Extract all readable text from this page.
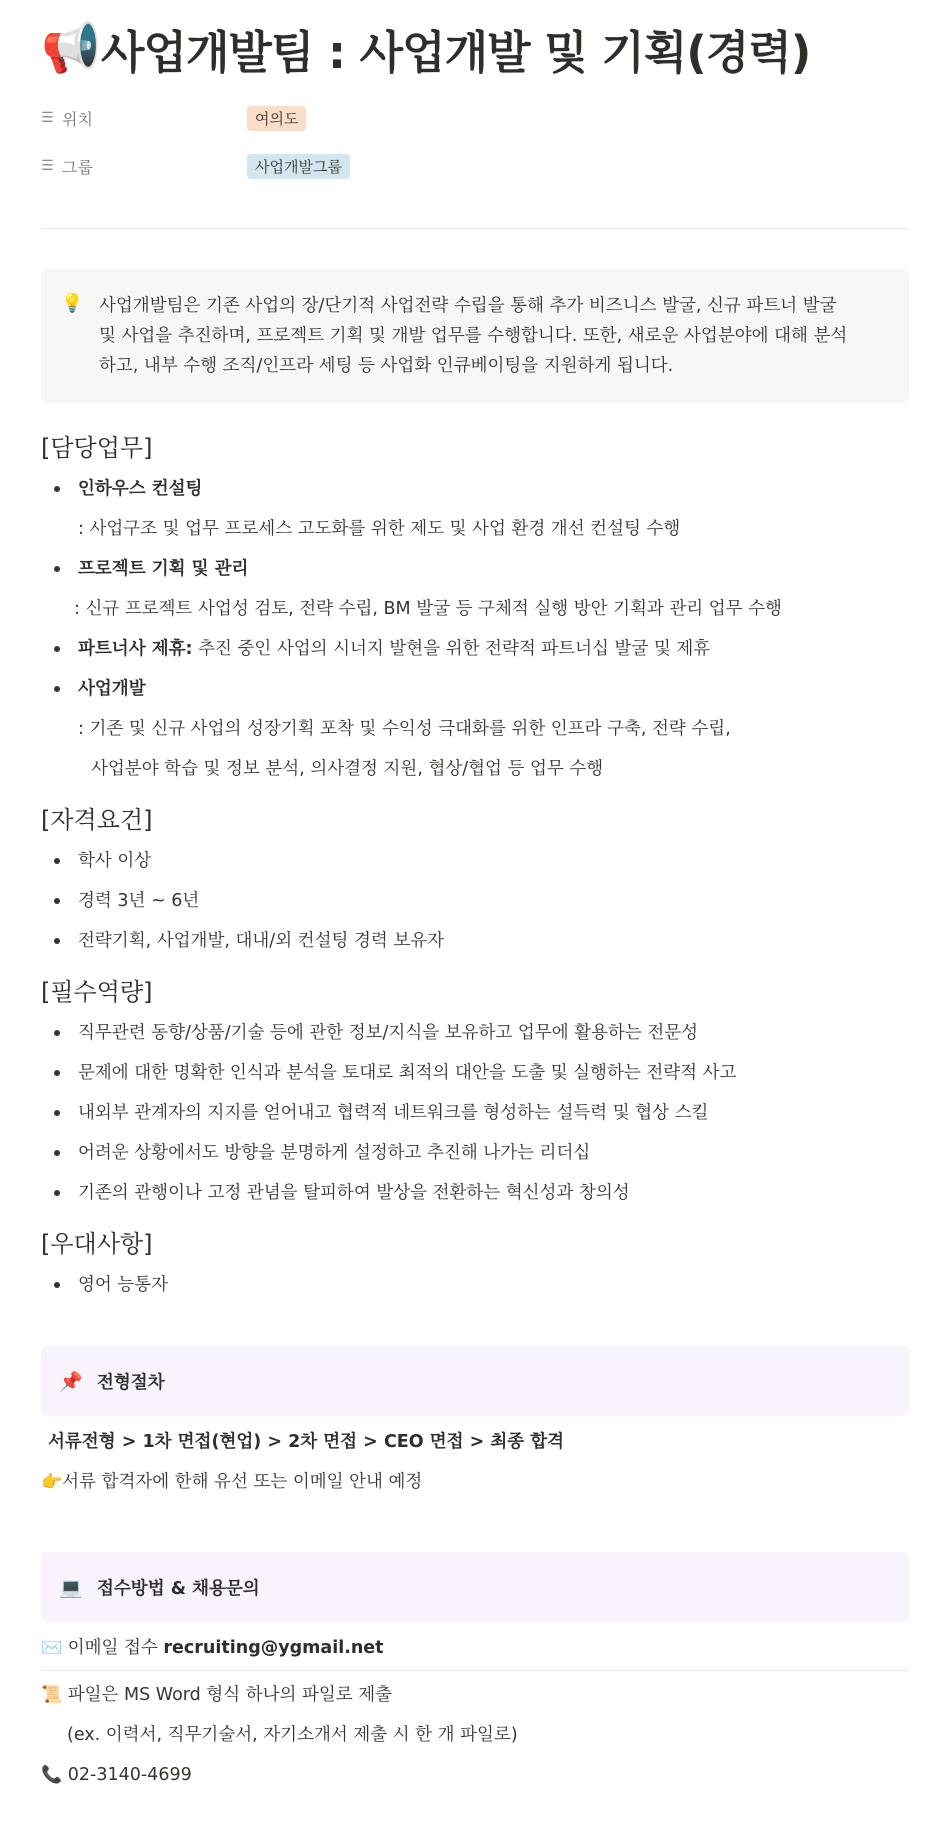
📢 사업개발팀 : 사업개발 및 기획(경력)
☰ 위치	여의도
☰ 그룹	사업개발그룹
💡 사업개발팀은 기존 사업의 장/단기적 사업전략 수립을 통해 추가 비즈니스 발굴, 신규 파트너 발굴
및 사업을 추진하며, 프로젝트 기획 및 개발 업무를 수행합니다. 또한, 새로운 사업분야에 대해 분석
하고, 내부 수행 조직/인프라 세팅 등 사업화 인큐베이팅을 지원하게 됩니다.
[담당업무]
인하우스 컨설팅
: 사업구조 및 업무 프로세스 고도화를 위한 제도 및 사업 환경 개선 컨설팅 수행
프로젝트 기획 및 관리
: 신규 프로젝트 사업성 검토, 전략 수립, BM 발굴 등 구체적 실행 방안 기획과 관리 업무 수행
파트너사 제휴: 추진 중인 사업의 시너지 발현을 위한 전략적 파트너십 발굴 및 제휴
사업개발
: 기존 및 신규 사업의 성장기획 포착 및 수익성 극대화를 위한 인프라 구축, 전략 수립,
사업분야 학습 및 정보 분석, 의사결정 지원, 협상/협업 등 업무 수행
[자격요건]
학사 이상
경력 3년 ~ 6년
전략기획, 사업개발, 대내/외 컨설팅 경력 보유자
[필수역량]
직무관련 동향/상품/기술 등에 관한 정보/지식을 보유하고 업무에 활용하는 전문성
문제에 대한 명확한 인식과 분석을 토대로 최적의 대안을 도출 및 실행하는 전략적 사고
내외부 관계자의 지지를 얻어내고 협력적 네트워크를 형성하는 설득력 및 협상 스킬
어려운 상황에서도 방향을 분명하게 설정하고 추진해 나가는 리더십
기존의 관행이나 고정 관념을 탈피하여 발상을 전환하는 혁신성과 창의성
[우대사항]
영어 능통자
📌 전형절차
서류전형 > 1차 면접(현업) > 2차 면접 > CEO 면접 > 최종 합격
👉서류 합격자에 한해 유선 또는 이메일 안내 예정
💻 접수방법 & 채용문의
✉️ 이메일 접수 recruiting@ygmail.net
📜 파일은 MS Word 형식 하나의 파일로 제출
(ex. 이력서, 직무기술서, 자기소개서 제출 시 한 개 파일로)
📞 02-3140-4699
